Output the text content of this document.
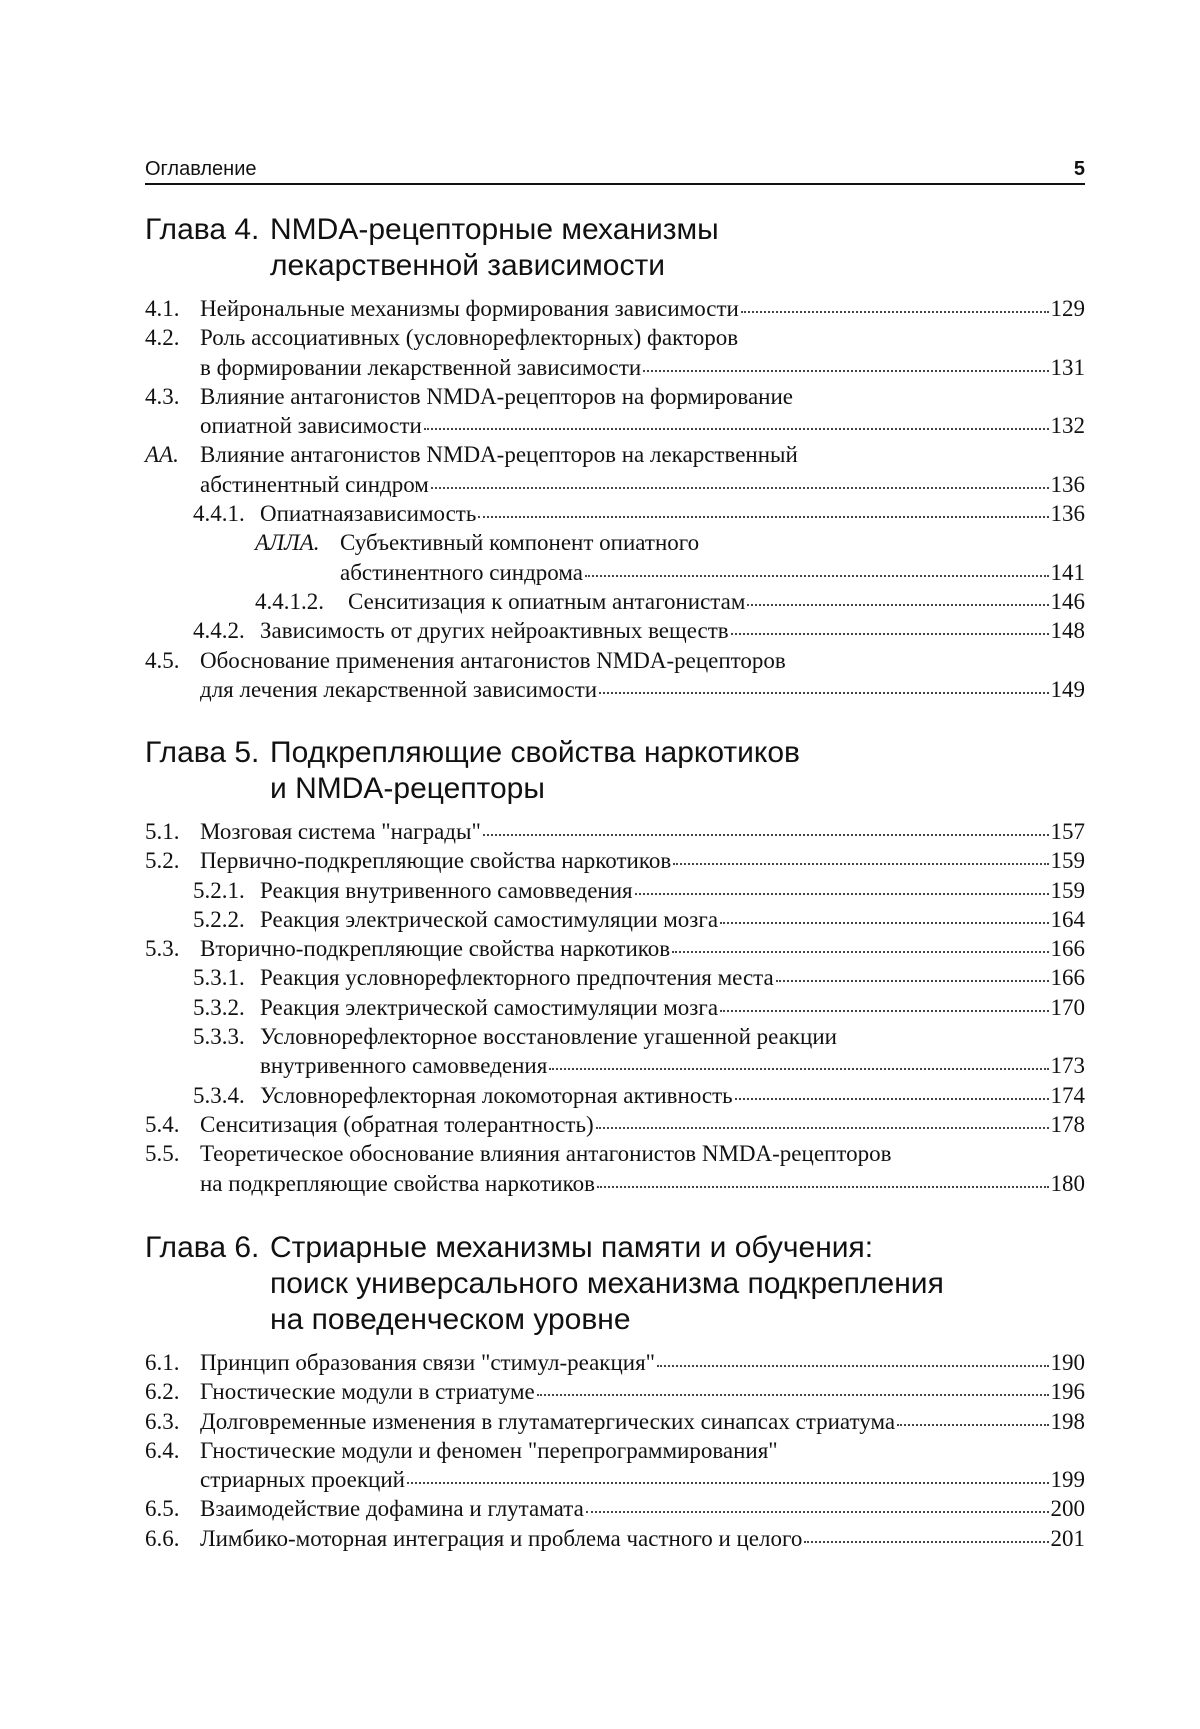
Оглавление	5
Глава 4. NMDA-рецепторные механизмы
лекарственной зависимости
4.1. Нейрональные механизмы формирования зависимости	129
4.2. Роль ассоциативных (условнорефлекторных) факторов
в формировании лекарственной зависимости	131
4.3. Влияние антагонистов NMDA-рецепторов на формирование
опиатной зависимости	132
АА. Влияние антагонистов NMDA-рецепторов на лекарственный
абстинентный синдром	136
4.4.1. Опиатнаязависимость	136
АЛЛА. Субъективный компонент опиатного
абстинентного синдрома	141
4.4.1.2.	Сенситизация к опиатным антагонистам	146
4.4.2. Зависимость от других нейроактивных веществ	148
4.5. Обоснование применения антагонистов NMDA-рецепторов
для лечения лекарственной зависимости	149
Глава 5. Подкрепляющие свойства наркотиков
и NMDA-рецепторы
5.1. Мозговая система "награды"	157
5.2. Первично-подкрепляющие свойства наркотиков	159
5.2.1. Реакция внутривенного самовведения	159
5.2.2. Реакция электрической самостимуляции мозга	164
5.3. Вторично-подкрепляющие свойства наркотиков	166
5.3.1. Реакция условнорефлекторного предпочтения места	166
5.3.2. Реакция электрической самостимуляции мозга	170
5.3.3. Условнорефлекторное восстановление угашенной реакции
внутривенного самовведения	173
5.3.4. Условнорефлекторная локомоторная активность	174
5.4. Сенситизация (обратная толерантность)	178
5.5. Теоретическое обоснование влияния антагонистов NMDA-рецепторов
на подкрепляющие свойства наркотиков	180
Глава 6. Стриарные механизмы памяти и обучения:
поиск универсального механизма подкрепления
на поведенческом уровне
6.1. Принцип образования связи "стимул-реакция"	190
6.2. Гностические модули в стриатуме	196
6.3. Долговременные изменения в глутаматергических синапсах стриатума	198
6.4. Гностические модули и феномен "перепрограммирования"
стриарных проекций	199
6.5. Взаимодействие дофамина и глутамата	200
6.6. Лимбико-моторная интеграция и проблема частного и целого	201
